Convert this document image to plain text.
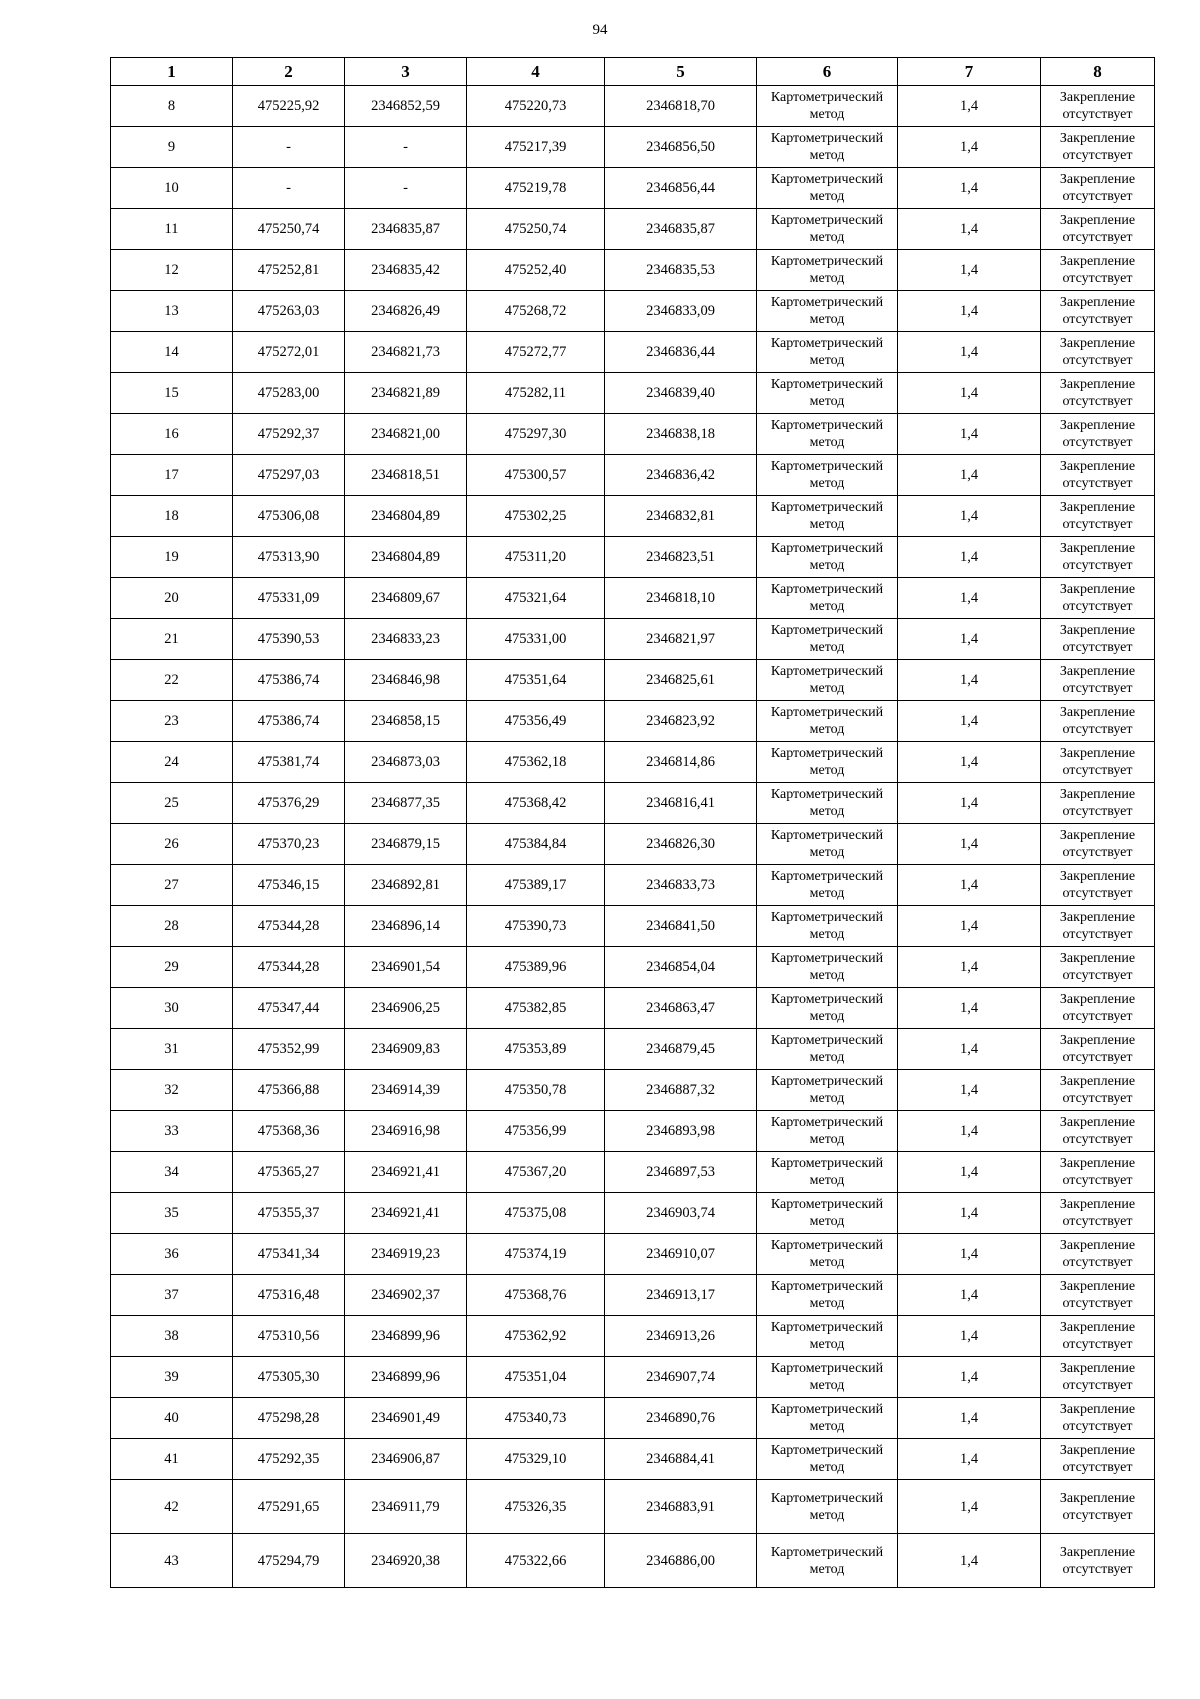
94
1	2	3	4	5	6	7	8
8	475225,92	2346852,59	475220,73	2346818,70	Картометрический метод	1,4	Закрепление отсутствует
9	-	-	475217,39	2346856,50	Картометрический метод	1,4	Закрепление отсутствует
10	-	-	475219,78	2346856,44	Картометрический метод	1,4	Закрепление отсутствует
11	475250,74	2346835,87	475250,74	2346835,87	Картометрический метод	1,4	Закрепление отсутствует
12	475252,81	2346835,42	475252,40	2346835,53	Картометрический метод	1,4	Закрепление отсутствует
13	475263,03	2346826,49	475268,72	2346833,09	Картометрический метод	1,4	Закрепление отсутствует
14	475272,01	2346821,73	475272,77	2346836,44	Картометрический метод	1,4	Закрепление отсутствует
15	475283,00	2346821,89	475282,11	2346839,40	Картометрический метод	1,4	Закрепление отсутствует
16	475292,37	2346821,00	475297,30	2346838,18	Картометрический метод	1,4	Закрепление отсутствует
17	475297,03	2346818,51	475300,57	2346836,42	Картометрический метод	1,4	Закрепление отсутствует
18	475306,08	2346804,89	475302,25	2346832,81	Картометрический метод	1,4	Закрепление отсутствует
19	475313,90	2346804,89	475311,20	2346823,51	Картометрический метод	1,4	Закрепление отсутствует
20	475331,09	2346809,67	475321,64	2346818,10	Картометрический метод	1,4	Закрепление отсутствует
21	475390,53	2346833,23	475331,00	2346821,97	Картометрический метод	1,4	Закрепление отсутствует
22	475386,74	2346846,98	475351,64	2346825,61	Картометрический метод	1,4	Закрепление отсутствует
23	475386,74	2346858,15	475356,49	2346823,92	Картометрический метод	1,4	Закрепление отсутствует
24	475381,74	2346873,03	475362,18	2346814,86	Картометрический метод	1,4	Закрепление отсутствует
25	475376,29	2346877,35	475368,42	2346816,41	Картометрический метод	1,4	Закрепление отсутствует
26	475370,23	2346879,15	475384,84	2346826,30	Картометрический метод	1,4	Закрепление отсутствует
27	475346,15	2346892,81	475389,17	2346833,73	Картометрический метод	1,4	Закрепление отсутствует
28	475344,28	2346896,14	475390,73	2346841,50	Картометрический метод	1,4	Закрепление отсутствует
29	475344,28	2346901,54	475389,96	2346854,04	Картометрический метод	1,4	Закрепление отсутствует
30	475347,44	2346906,25	475382,85	2346863,47	Картометрический метод	1,4	Закрепление отсутствует
31	475352,99	2346909,83	475353,89	2346879,45	Картометрический метод	1,4	Закрепление отсутствует
32	475366,88	2346914,39	475350,78	2346887,32	Картометрический метод	1,4	Закрепление отсутствует
33	475368,36	2346916,98	475356,99	2346893,98	Картометрический метод	1,4	Закрепление отсутствует
34	475365,27	2346921,41	475367,20	2346897,53	Картометрический метод	1,4	Закрепление отсутствует
35	475355,37	2346921,41	475375,08	2346903,74	Картометрический метод	1,4	Закрепление отсутствует
36	475341,34	2346919,23	475374,19	2346910,07	Картометрический метод	1,4	Закрепление отсутствует
37	475316,48	2346902,37	475368,76	2346913,17	Картометрический метод	1,4	Закрепление отсутствует
38	475310,56	2346899,96	475362,92	2346913,26	Картометрический метод	1,4	Закрепление отсутствует
39	475305,30	2346899,96	475351,04	2346907,74	Картометрический метод	1,4	Закрепление отсутствует
40	475298,28	2346901,49	475340,73	2346890,76	Картометрический метод	1,4	Закрепление отсутствует
41	475292,35	2346906,87	475329,10	2346884,41	Картометрический метод	1,4	Закрепление отсутствует
42	475291,65	2346911,79	475326,35	2346883,91	Картометрический метод	1,4	Закрепление отсутствует
43	475294,79	2346920,38	475322,66	2346886,00	Картометрический метод	1,4	Закрепление отсутствует
